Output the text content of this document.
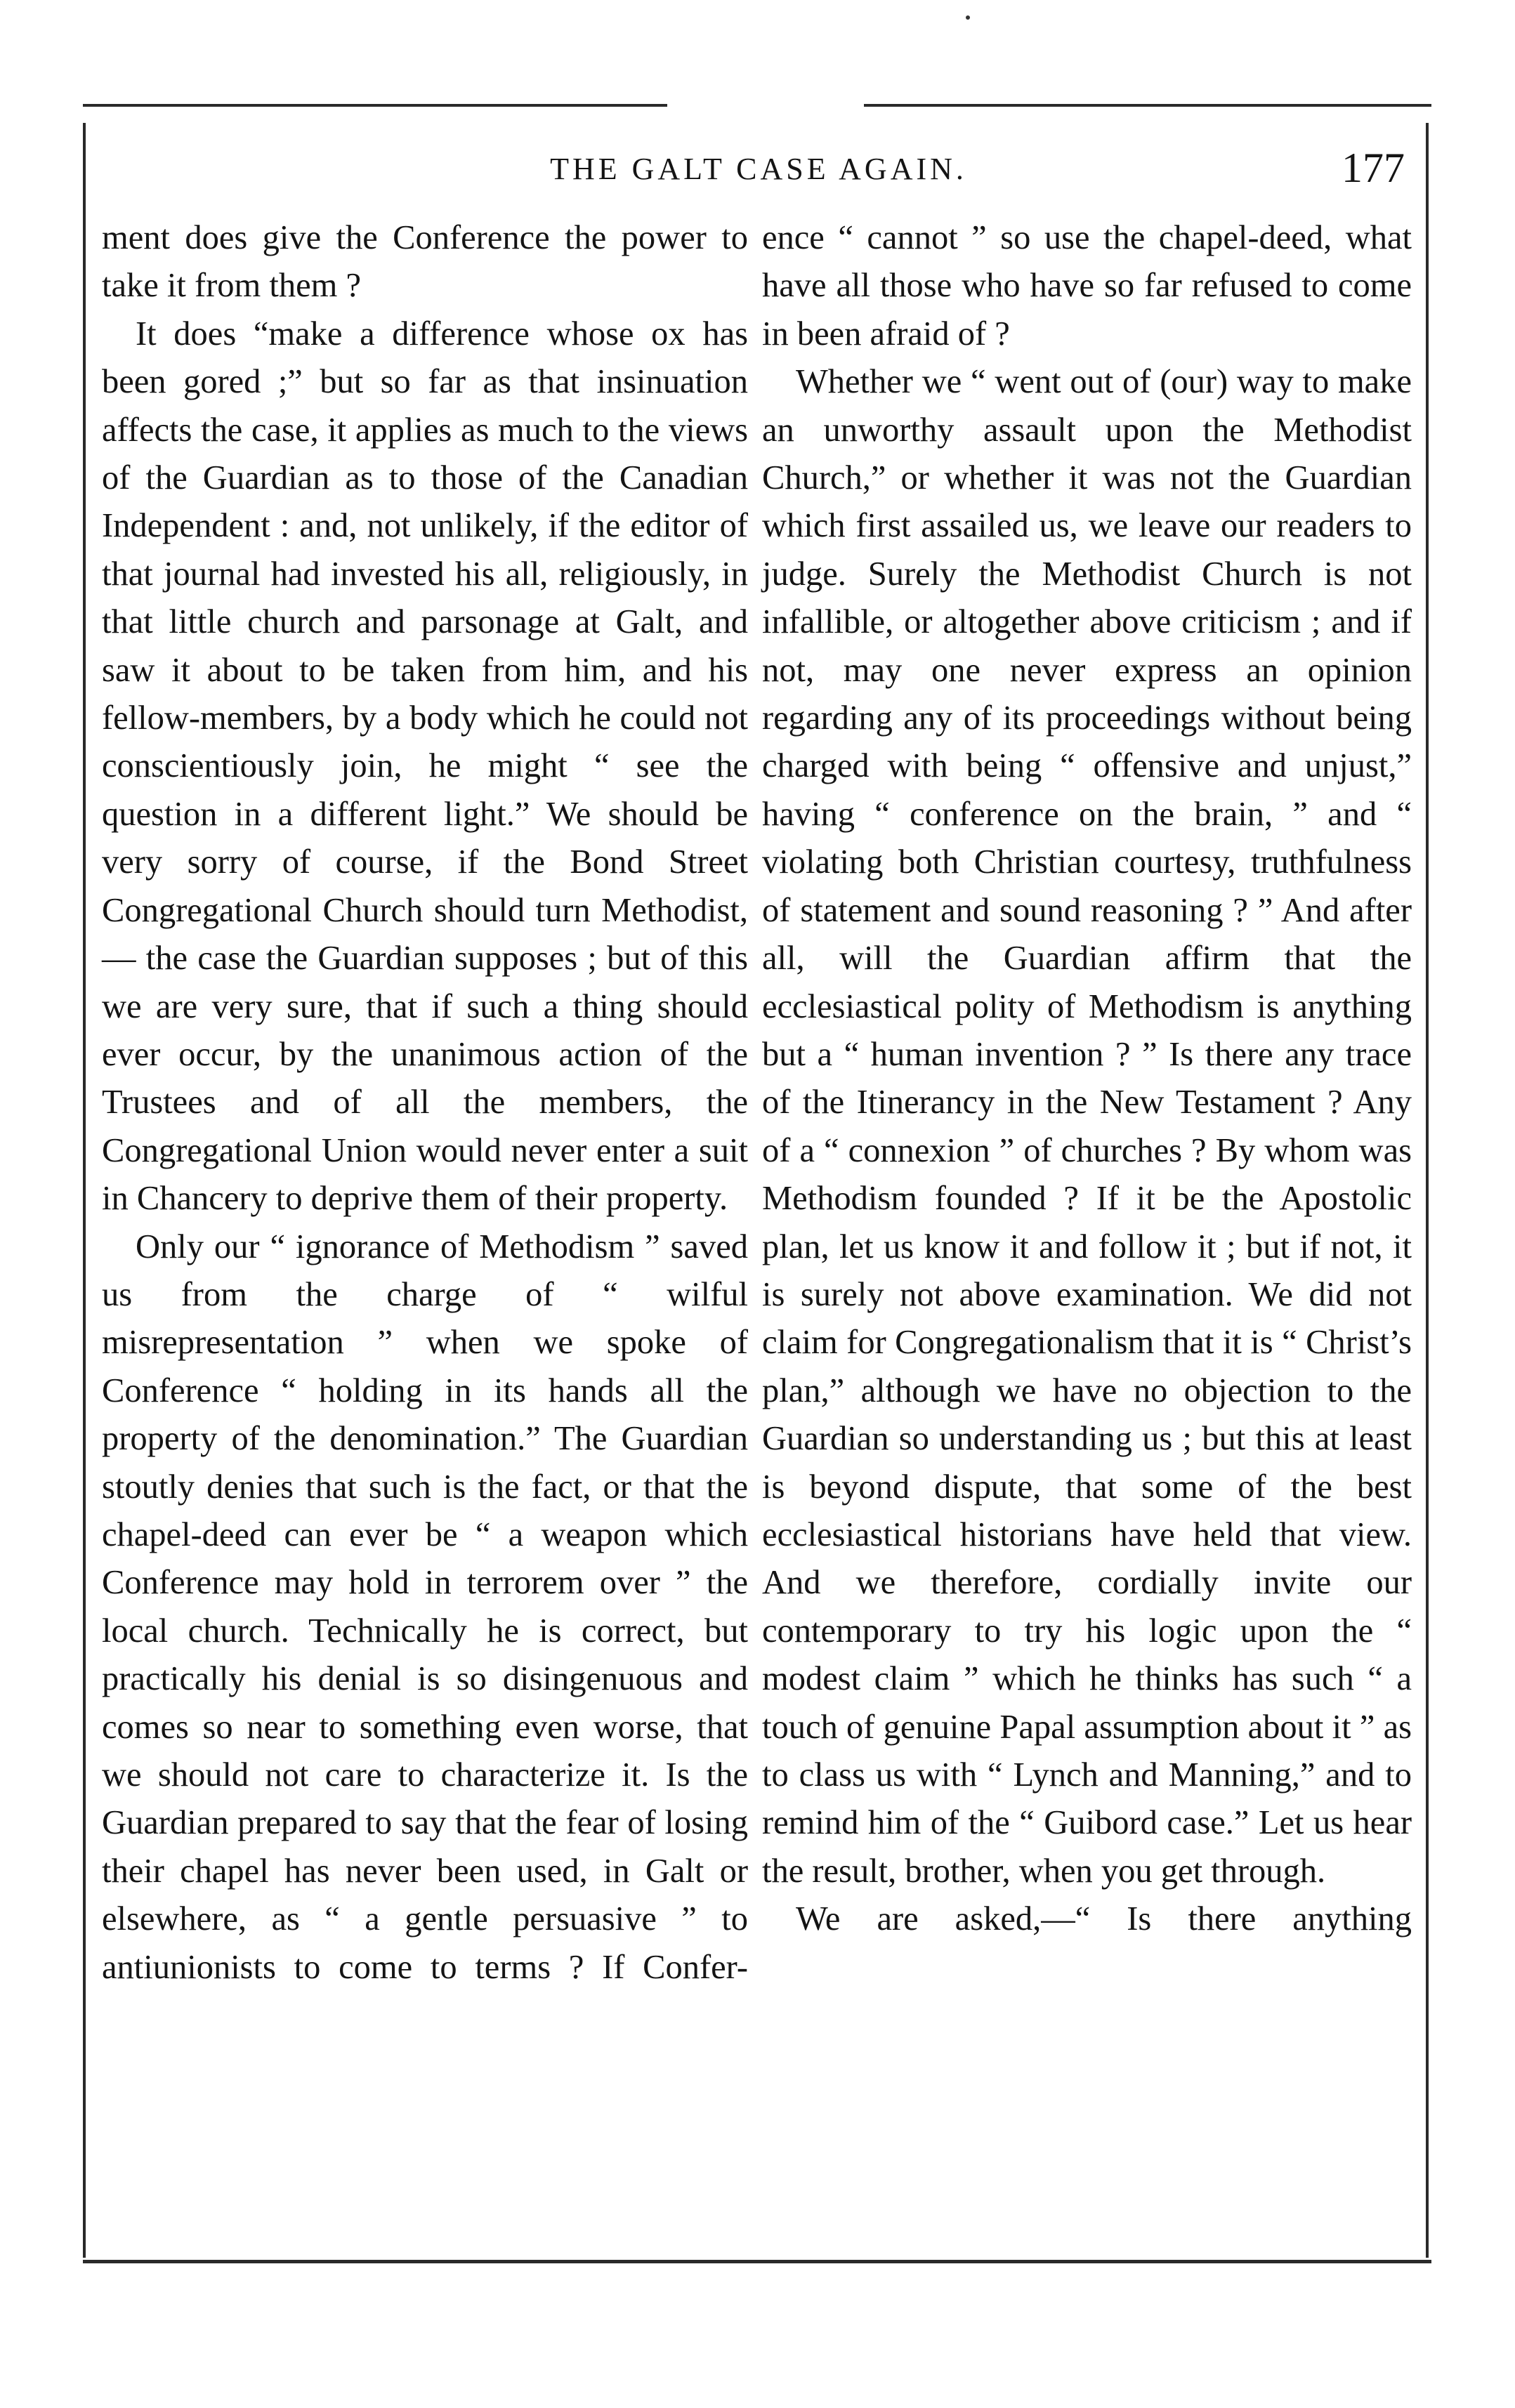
THE GALT CASE AGAIN.	177

ment does give the Conference the power to take it from them ?

It does “make a difference whose ox has been gored ;” but so far as that insinuation affects the case, it applies as much to the views of the Guardian as to those of the Canadian Independent : and, not unlikely, if the editor of that journal had invested his all, religiously, in that little church and parsonage at Galt, and saw it about to be taken from him, and his fellow-members, by a body which he could not conscientiously join, he might “ see the question in a different light.” We should be very sorry of course, if the Bond Street Congregational Church should turn Methodist,— the case the Guardian supposes ; but of this we are very sure, that if such a thing should ever occur, by the unanimous action of the Trustees and of all the members, the Congregational Union would never enter a suit in Chancery to deprive them of their property.

Only our “ ignorance of Methodism ” saved us from the charge of “ wilful misrepresentation ” when we spoke of Conference “ holding in its hands all the property of the denomination.” The Guardian stoutly denies that such is the fact, or that the chapel-deed can ever be “ a weapon which Conference may hold in terrorem over ” the local church. Technically he is correct, but practically his denial is so disingenuous and comes so near to something even worse, that we should not care to characterize it. Is the Guardian prepared to say that the fear of losing their chapel has never been used, in Galt or elsewhere, as “ a gentle persuasive ” to antiunionists to come to terms ? If Confer-

ence “ cannot ” so use the chapel-deed, what have all those who have so far refused to come in been afraid of ?

Whether we “ went out of (our) way to make an unworthy assault upon the Methodist Church,” or whether it was not the Guardian which first assailed us, we leave our readers to judge. Surely the Methodist Church is not infallible, or altogether above criticism ; and if not, may one never express an opinion regarding any of its proceedings without being charged with being “ offensive and unjust,” having “ conference on the brain, ” and “ violating both Christian courtesy, truthfulness of statement and sound reasoning ? ” And after all, will the Guardian affirm that the ecclesiastical polity of Methodism is anything but a “ human invention ? ” Is there any trace of the Itinerancy in the New Testament ? Any of a “ connexion ” of churches ? By whom was Methodism founded ? If it be the Apostolic plan, let us know it and follow it ; but if not, it is surely not above examination. We did not claim for Congregationalism that it is “ Christ’s plan,” although we have no objection to the Guardian so understanding us ; but this at least is beyond dispute, that some of the best ecclesiastical historians have held that view. And we therefore, cordially invite our contemporary to try his logic upon the “ modest claim ” which he thinks has such “ a touch of genuine Papal assumption about it ” as to class us with “ Lynch and Manning,” and to remind him of the “ Guibord case.” Let us hear the result, brother, when you get through.

We are asked,—“ Is there anything
